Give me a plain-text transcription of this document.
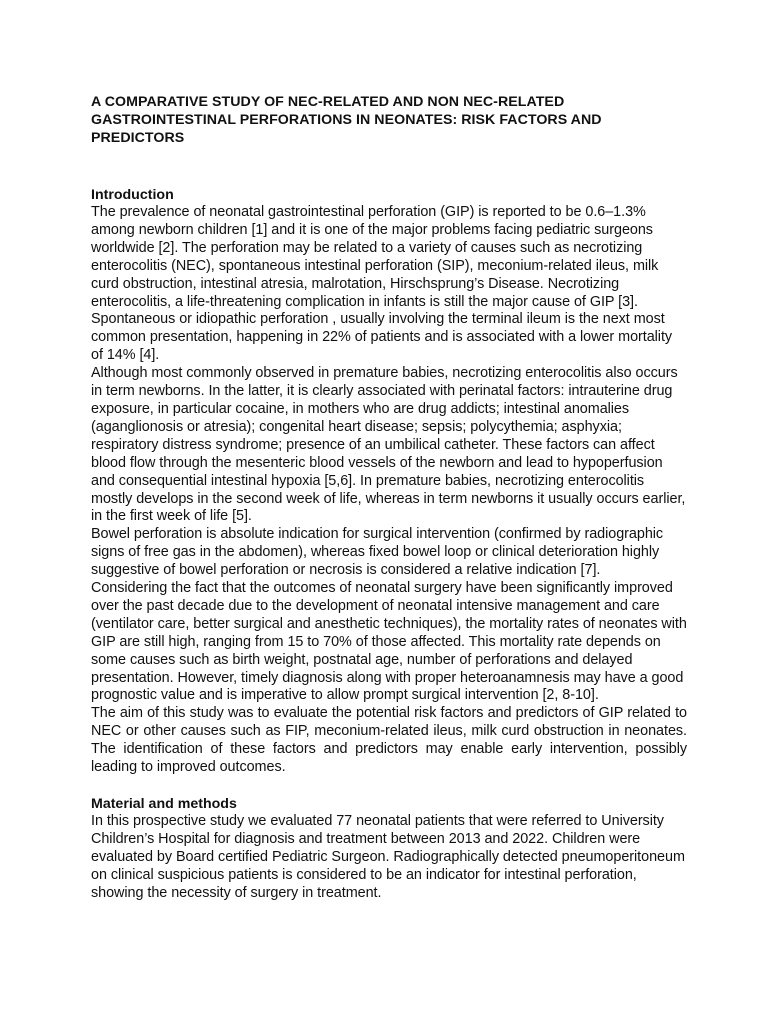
A COMPARATIVE STUDY OF NEC-RELATED AND NON NEC-RELATED GASTROINTESTINAL PERFORATIONS IN NEONATES: RISK FACTORS AND PREDICTORS
Introduction

The prevalence of neonatal gastrointestinal perforation (GIP) is reported to be 0.6–1.3% among newborn children [1] and it is one of the major problems facing pediatric surgeons worldwide [2]. The perforation may be related to a variety of causes such as necrotizing enterocolitis (NEC), spontaneous intestinal perforation (SIP), meconium-related ileus, milk curd obstruction, intestinal atresia, malrotation, Hirschsprung’s Disease. Necrotizing enterocolitis, a life-threatening complication in infants is still the major cause of GIP [3]. Spontaneous or idiopathic perforation , usually involving the terminal ileum is the next most common presentation, happening in 22% of patients and is associated with a lower mortality of 14% [4].

Although most commonly observed in premature babies, necrotizing enterocolitis also occurs in term newborns. In the latter, it is clearly associated with perinatal factors: intrauterine drug exposure, in particular cocaine, in mothers who are drug addicts; intestinal anomalies (aganglionosis or atresia); congenital heart disease; sepsis; polycythemia; asphyxia; respiratory distress syndrome; presence of an umbilical catheter. These factors can affect blood flow through the mesenteric blood vessels of the newborn and lead to hypoperfusion and consequential intestinal hypoxia [5,6]. In premature babies, necrotizing enterocolitis mostly develops in the second week of life, whereas in term newborns it usually occurs earlier, in the first week of life [5].

Bowel perforation is absolute indication for surgical intervention (confirmed by radiographic signs of free gas in the abdomen), whereas fixed bowel loop or clinical deterioration highly suggestive of bowel perforation or necrosis is considered a relative indication [7].

Considering the fact that the outcomes of neonatal surgery have been significantly improved over the past decade due to the development of neonatal intensive management and care (ventilator care, better surgical and anesthetic techniques), the mortality rates of neonates with GIP are still high, ranging from 15 to 70% of those affected. This mortality rate depends on some causes such as birth weight, postnatal age, number of perforations and delayed presentation. However, timely diagnosis along with proper heteroanamnesis may have a good prognostic value and is imperative to allow prompt surgical intervention [2, 8-10].

The aim of this study was to evaluate the potential risk factors and predictors of GIP related to NEC or other causes such as FIP, meconium-related ileus, milk curd obstruction in neonates. The identification of these factors and predictors may enable early intervention, possibly leading to improved outcomes.

Material and methods

In this prospective study we evaluated 77 neonatal patients that were referred to University Children’s Hospital for diagnosis and treatment between 2013 and 2022. Children were evaluated by Board certified Pediatric Surgeon. Radiographically detected pneumoperitoneum on clinical suspicious patients is considered to be an indicator for intestinal perforation, showing the necessity of surgery in treatment.
